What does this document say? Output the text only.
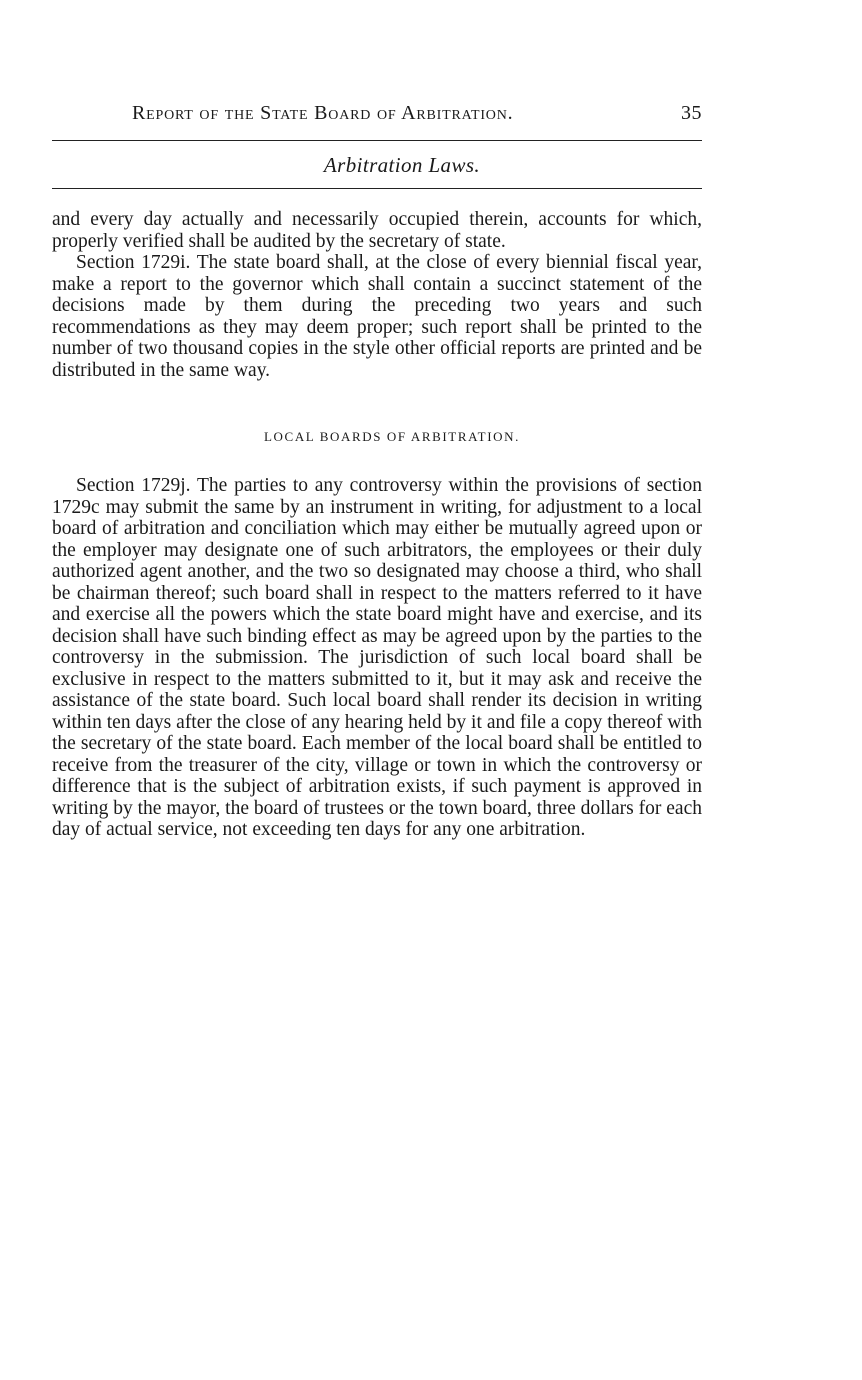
Report of the State Board of Arbitration.	35
Arbitration Laws.

and every day actually and necessarily occupied therein, accounts for which, properly verified shall be audited by the secretary of state.

Section 1729i. The state board shall, at the close of every biennial fiscal year, make a report to the governor which shall contain a succinct statement of the decisions made by them during the preceding two years and such recommendations as they may deem proper; such report shall be printed to the number of two thousand copies in the style other official reports are printed and be distributed in the same way.

LOCAL BOARDS OF ARBITRATION.

Section 1729j. The parties to any controversy within the provisions of section 1729c may submit the same by an instrument in writing, for adjustment to a local board of arbitration and conciliation which may either be mutually agreed upon or the employer may designate one of such arbitrators, the employees or their duly authorized agent another, and the two so designated may choose a third, who shall be chairman thereof; such board shall in respect to the matters referred to it have and exercise all the powers which the state board might have and exercise, and its decision shall have such binding effect as may be agreed upon by the parties to the controversy in the submission. The jurisdiction of such local board shall be exclusive in respect to the matters submitted to it, but it may ask and receive the assistance of the state board. Such local board shall render its decision in writing within ten days after the close of any hearing held by it and file a copy thereof with the secretary of the state board. Each member of the local board shall be entitled to receive from the treasurer of the city, village or town in which the controversy or difference that is the subject of arbitration exists, if such payment is approved in writing by the mayor, the board of trustees or the town board, three dollars for each day of actual service, not exceeding ten days for any one arbitration.
